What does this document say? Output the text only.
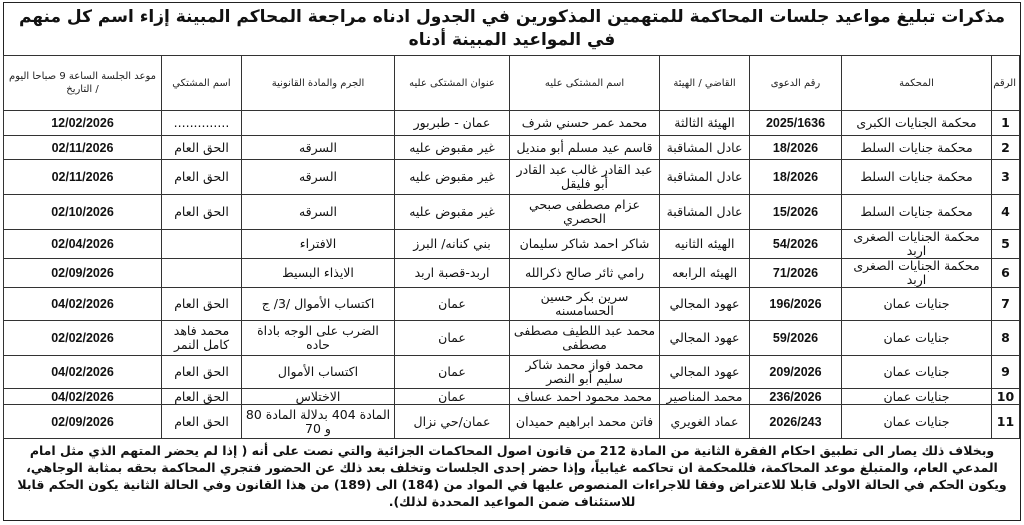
مذكرات تبليغ مواعيد جلسات المحاكمة للمتهمين المذكورين في الجدول ادناه مراجعة المحاكم المبينة إزاء اسم كل منهم في المواعيد المبينة أدناه
الرقم	المحكمة	رقم الدعوى	القاضي / الهيئة	اسم المشتكى عليه	عنوان المشتكى عليه	الجرم والمادة القانونية	اسم المشتكي	موعد الجلسة الساعة 9 صباحا اليوم / التاريخ
1	محكمة الجنايات الكبرى	2025/1636	الهيئة الثالثة	محمد عمر حسني شرف	عمان - طبربور		..............	12/02/2026
2	محكمة جنايات السلط	18/2026	عادل المشاقبة	قاسم عيد مسلم أبو منديل	غير مقبوض عليه	السرقه	الحق العام	02/11/2026
3	محكمة جنايات السلط	18/2026	عادل المشاقبة	عبد القادر غالب عبد القادر أبو فليقل	غير مقبوض عليه	السرقه	الحق العام	02/11/2026
4	محكمة جنايات السلط	15/2026	عادل المشاقبة	عزام مصطفى صبحي الحصري	غير مقبوض عليه	السرقه	الحق العام	02/10/2026
5	محكمة الجنايات الصغرى اربد	54/2026	الهيئه الثانيه	شاكر احمد شاكر سليمان	بني كنانه/ البرز	الافتراء		02/04/2026
6	محكمة الجنايات الصغرى اربد	71/2026	الهيئه الرابعه	رامي ثائر صالح ذكرالله	اربد-قصبة اربد	الايذاء البسيط		02/09/2026
7	جنايات عمان	196/2026	عهود المجالي	سرين بكر حسين الحسامسنه	عمان	اكتساب الأموال /3/ ج	الحق العام	04/02/2026
8	جنايات عمان	59/2026	عهود المجالي	محمد عبد اللطيف مصطفى مصطفى	عمان	الضرب على الوجه باداة حاده	محمد فاهد كامل النمر	02/02/2026
9	جنايات عمان	209/2026	عهود المجالي	محمد فواز محمد شاكر سليم أبو النصر	عمان	اكتساب الأموال	الحق العام	04/02/2026
10	جنايات عمان	236/2026	محمد المناصير	محمد محمود احمد عساف	عمان	الاختلاس	الحق العام	04/02/2026
11	جنايات عمان	2026/243	عماد الغويري	فاتن محمد ابراهيم حميدان	عمان/حي نزال	المادة 404 بدلالة المادة 80 و 70	الحق العام	02/09/2026
وبخلاف ذلك يصار الى تطبيق احكام الفقرة الثانية من المادة 212 من قانون اصول المحاكمات الجزائية والتي نصت على أنه ( إذا لم يحضر المتهم الذي مثل امام المدعي العام، والمتبلغ موعد المحاكمة، فللمحكمة ان تحاكمه غيابياً، وإذا حضر إحدى الجلسات وتخلف بعد ذلك عن الحضور فتجري المحاكمة بحقه بمثابة الوجاهي، ويكون الحكم في الحالة الاولى قابلا للاعتراض وفقا للاجراءات المنصوص عليها في المواد من (184) الى (189) من هذا القانون وفي الحالة الثانية يكون الحكم قابلا للاستئناف ضمن المواعيد المحددة لذلك).
